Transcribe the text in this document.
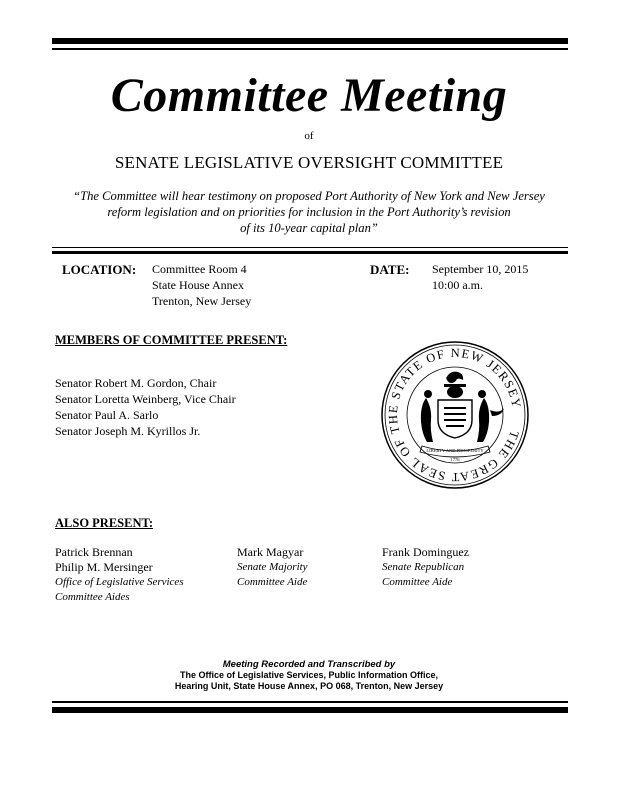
Committee Meeting
of
SENATE LEGISLATIVE OVERSIGHT COMMITTEE
“The Committee will hear testimony on proposed Port Authority of New York and New Jersey
reform legislation and on priorities for inclusion in the Port Authority’s revision
of its 10-year capital plan”
LOCATION: Committee Room 4
State House Annex
Trenton, New Jersey
DATE: September 10, 2015
10:00 a.m.
MEMBERS OF COMMITTEE PRESENT:
Senator Robert M. Gordon, Chair
Senator Loretta Weinberg, Vice Chair
Senator Paul A. Sarlo
Senator Joseph M. Kyrillos Jr.	THE GREAT SEAL OF THE STATE OF NEW JERSEY
LIBERTY AND PROSPERITY
1776
ALSO PRESENT:
Patrick Brennan
Philip M. Mersinger
Office of Legislative Services
Committee Aides
Mark Magyar
Senate Majority
Committee Aide
Frank Dominguez
Senate Republican
Committee Aide
Meeting Recorded and Transcribed by
The Office of Legislative Services, Public Information Office,
Hearing Unit, State House Annex, PO 068, Trenton, New Jersey
